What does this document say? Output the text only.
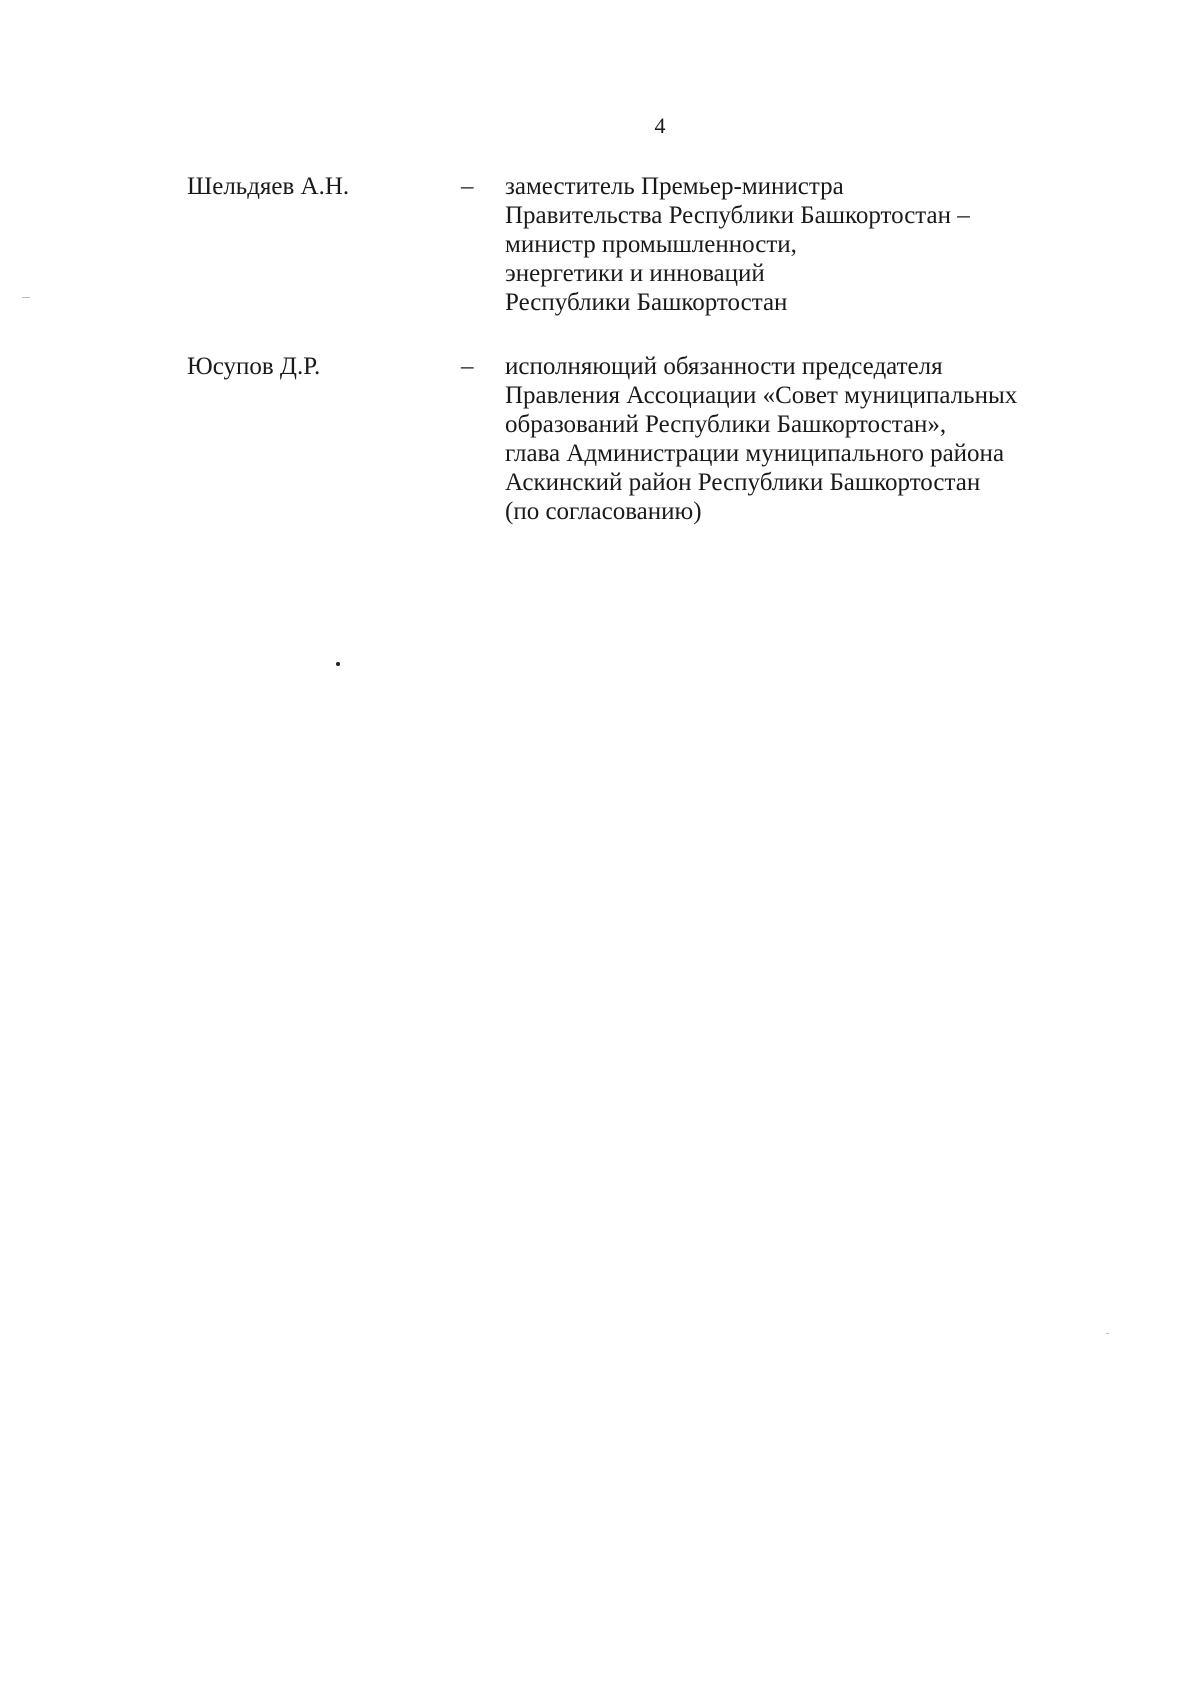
4
Шельдяев А.Н.	– заместитель Премьер-министра
Правительства Республики Башкортостан –
министр промышленности,
энергетики и инноваций
Республики Башкортостан
Юсупов Д.Р.	– исполняющий обязанности председателя
Правления Ассоциации «Совет муниципальных
образований Республики Башкортостан»,
глава Администрации муниципального района
Аскинский район Республики Башкортостан
(по согласованию)
